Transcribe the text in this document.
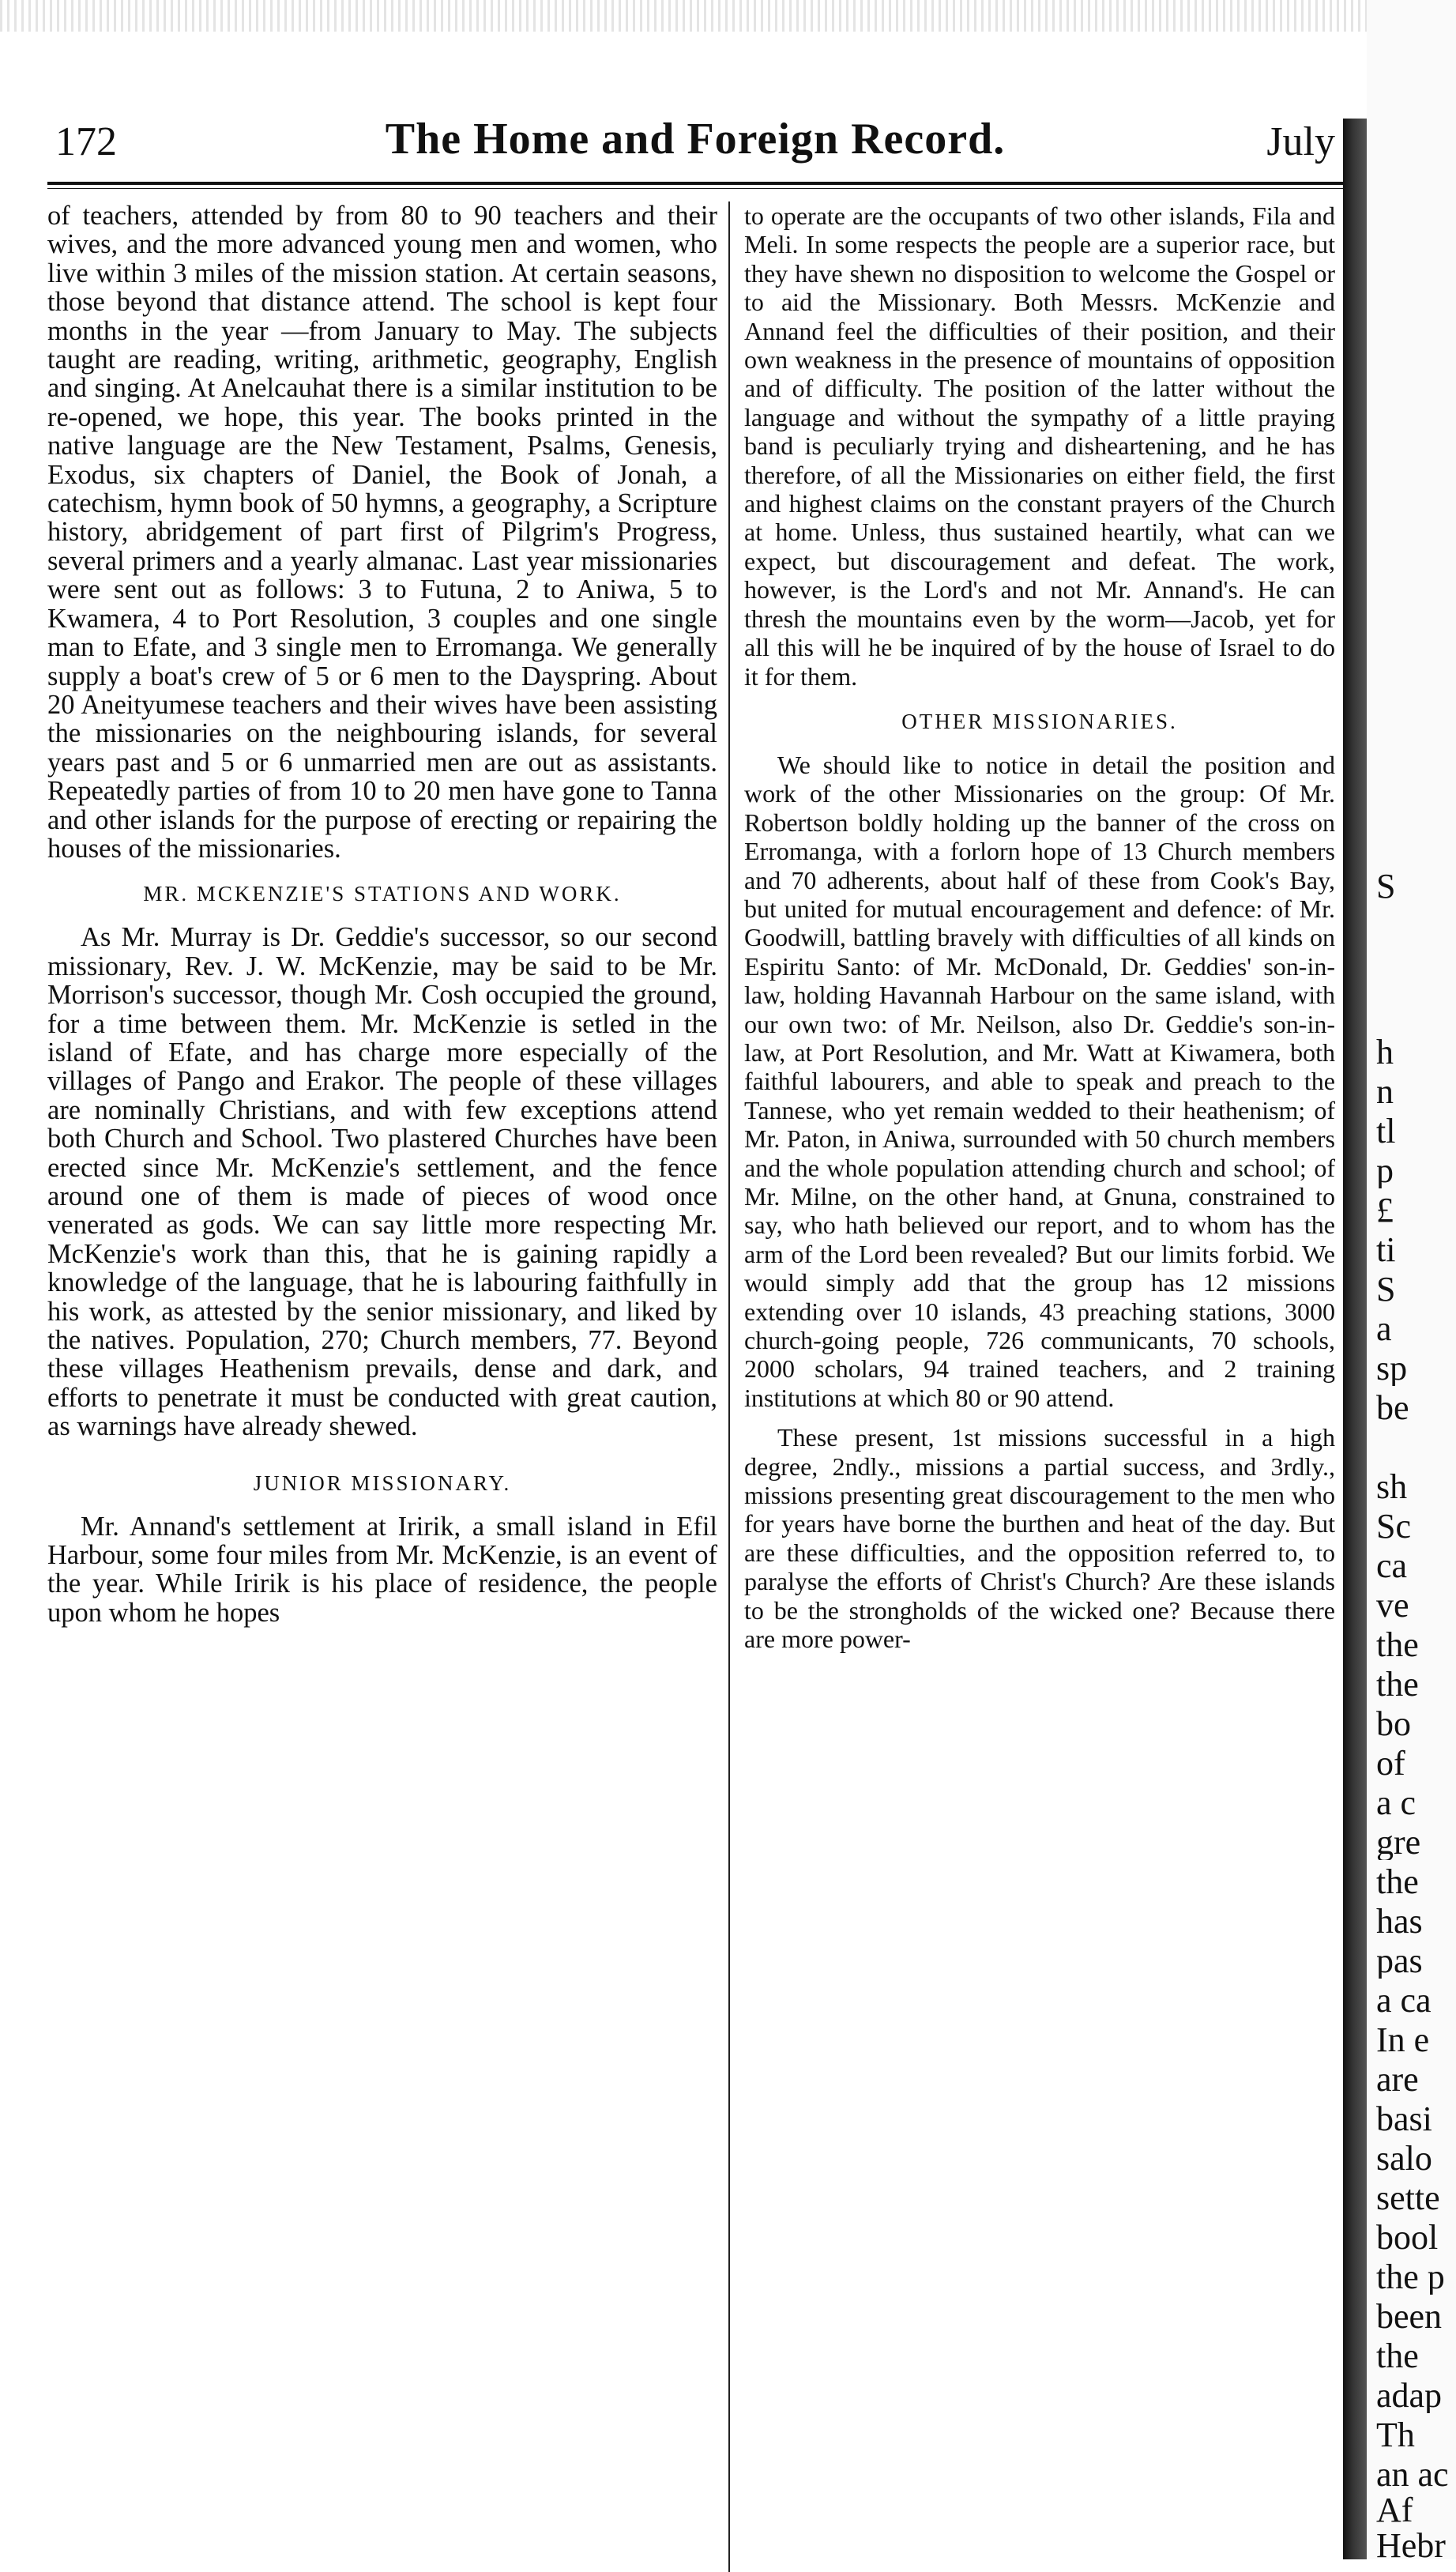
172	The Home and Foreign Record.	July

of teachers, attended by from 80 to 90 teachers and their wives, and the more advanced young men and women, who live within 3 miles of the mission station. At certain seasons, those beyond that distance attend. The school is kept four months in the year —from January to May. The subjects taught are reading, writing, arithmetic, geography, English and singing. At Anelcauhat there is a similar institution to be re-opened, we hope, this year. The books printed in the native language are the New Testament, Psalms, Genesis, Exodus, six chapters of Daniel, the Book of Jonah, a catechism, hymn book of 50 hymns, a geography, a Scripture history, abridgement of part first of Pilgrim's Progress, several primers and a yearly almanac. Last year missionaries were sent out as follows: 3 to Futuna, 2 to Aniwa, 5 to Kwamera, 4 to Port Resolution, 3 couples and one single man to Efate, and 3 single men to Erromanga. We generally supply a boat's crew of 5 or 6 men to the Dayspring. About 20 Aneityumese teachers and their wives have been assisting the missionaries on the neighbouring islands, for several years past and 5 or 6 unmarried men are out as assistants. Repeatedly parties of from 10 to 20 men have gone to Tanna and other islands for the purpose of erecting or repairing the houses of the missionaries.

MR. MCKENZIE'S STATIONS AND WORK.

As Mr. Murray is Dr. Geddie's successor, so our second missionary, Rev. J. W. McKenzie, may be said to be Mr. Morrison's successor, though Mr. Cosh occupied the ground, for a time between them. Mr. McKenzie is setled in the island of Efate, and has charge more especially of the villages of Pango and Erakor. The people of these villages are nominally Christians, and with few exceptions attend both Church and School. Two plastered Churches have been erected since Mr. McKenzie's settlement, and the fence around one of them is made of pieces of wood once venerated as gods. We can say little more respecting Mr. McKenzie's work than this, that he is gaining rapidly a knowledge of the language, that he is labouring faithfully in his work, as attested by the senior missionary, and liked by the natives. Population, 270; Church members, 77. Beyond these villages Heathenism prevails, dense and dark, and efforts to penetrate it must be conducted with great caution, as warnings have already shewed.

JUNIOR MISSIONARY.

Mr. Annand's settlement at Iririk, a small island in Efil Harbour, some four miles from Mr. McKenzie, is an event of the year. While Iririk is his place of residence, the people upon whom he hopes

to operate are the occupants of two other islands, Fila and Meli. In some respects the people are a superior race, but they have shewn no disposition to welcome the Gospel or to aid the Missionary. Both Messrs. McKenzie and Annand feel the difficulties of their position, and their own weakness in the presence of mountains of opposition and of difficulty. The position of the latter without the language and without the sympathy of a little praying band is peculiarly trying and disheartening, and he has therefore, of all the Missionaries on either field, the first and highest claims on the constant prayers of the Church at home. Unless, thus sustained heartily, what can we expect, but discouragement and defeat. The work, however, is the Lord's and not Mr. Annand's. He can thresh the mountains even by the worm—Jacob, yet for all this will he be inquired of by the house of Israel to do it for them.

OTHER MISSIONARIES.

We should like to notice in detail the position and work of the other Missionaries on the group: Of Mr. Robertson boldly holding up the banner of the cross on Erromanga, with a forlorn hope of 13 Church members and 70 adherents, about half of these from Cook's Bay, but united for mutual encouragement and defence: of Mr. Goodwill, battling bravely with difficulties of all kinds on Espiritu Santo: of Mr. McDonald, Dr. Geddies' son-in-law, holding Havannah Harbour on the same island, with our own two: of Mr. Neilson, also Dr. Geddie's son-in-law, at Port Resolution, and Mr. Watt at Kiwamera, both faithful labourers, and able to speak and preach to the Tannese, who yet remain wedded to their heathenism; of Mr. Paton, in Aniwa, surrounded with 50 church members and the whole population attending church and school; of Mr. Milne, on the other hand, at Gnuna, constrained to say, who hath believed our report, and to whom has the arm of the Lord been revealed? But our limits forbid. We would simply add that the group has 12 missions extending over 10 islands, 43 preaching stations, 3000 church-going people, 726 communicants, 70 schools, 2000 scholars, 94 trained teachers, and 2 training institutions at which 80 or 90 attend.

These present, 1st missions successful in a high degree, 2ndly., missions a partial success, and 3rdly., missions presenting great discouragement to the men who for years have borne the burthen and heat of the day. But are these difficulties, and the opposition referred to, to paralyse the efforts of Christ's Church? Are these islands to be the strongholds of the wicked one? Because there are more power-

S
h
n
tl
p
£
ti
S
a
sp
be
sh
Sc
ca
ve
the
the
bo
of
a c
gre
the
has
pas
a ca
In e
are
basi
salo
sette
bool
the p
been
the
adap
Th
an ac
Af
Hebr
